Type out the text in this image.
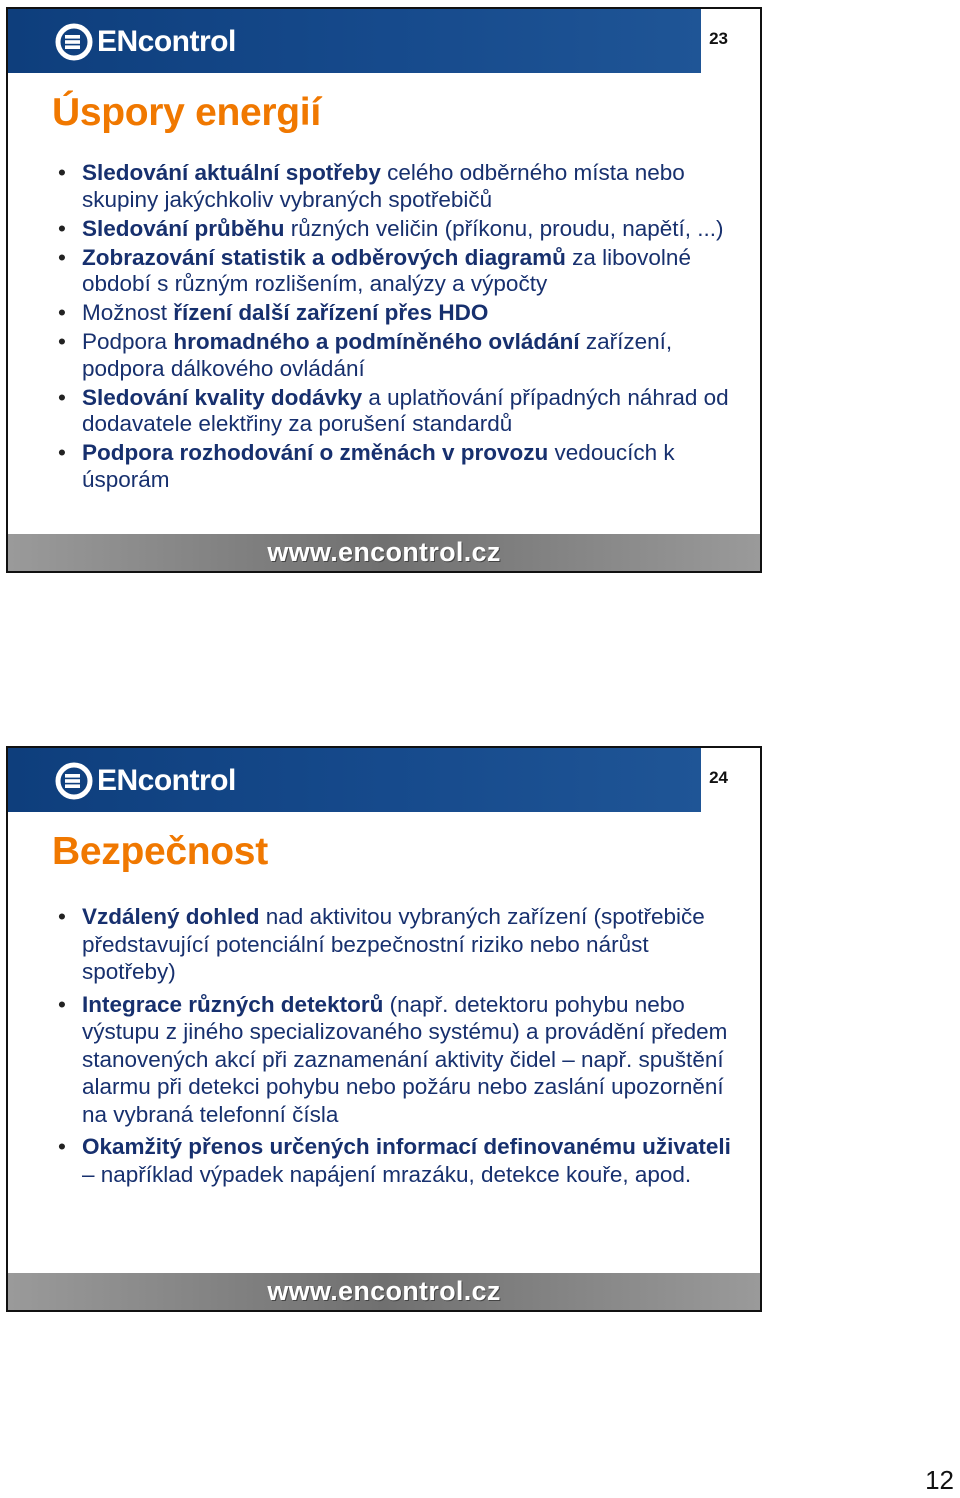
ENcontrol	23
Úspory energií
• Sledování aktuální spotřeby celého odběrného místa nebo skupiny jakýchkoliv vybraných spotřebičů
• Sledování průběhu různých veličin (příkonu, proudu, napětí, ...)
• Zobrazování statistik a odběrových diagramů za libovolné období s různým rozlišením, analýzy a výpočty
• Možnost řízení další zařízení přes HDO
• Podpora hromadného a podmíněného ovládání zařízení, podpora dálkového ovládání
• Sledování kvality dodávky a uplatňování případných náhrad od dodavatele elektřiny za porušení standardů
• Podpora rozhodování o změnách v provozu vedoucích k úsporám
www.encontrol.cz
ENcontrol	24
Bezpečnost
• Vzdálený dohled nad aktivitou vybraných zařízení (spotřebiče představující potenciální bezpečnostní riziko nebo nárůst spotřeby)
• Integrace různých detektorů (např. detektoru pohybu nebo výstupu z jiného specializovaného systému) a provádění předem stanovených akcí při zaznamenání aktivity čidel – např. spuštění alarmu při detekci pohybu nebo požáru nebo zaslání upozornění na vybraná telefonní čísla
• Okamžitý přenos určených informací definovanému uživateli – například výpadek napájení mrazáku, detekce kouře, apod.
www.encontrol.cz
12
